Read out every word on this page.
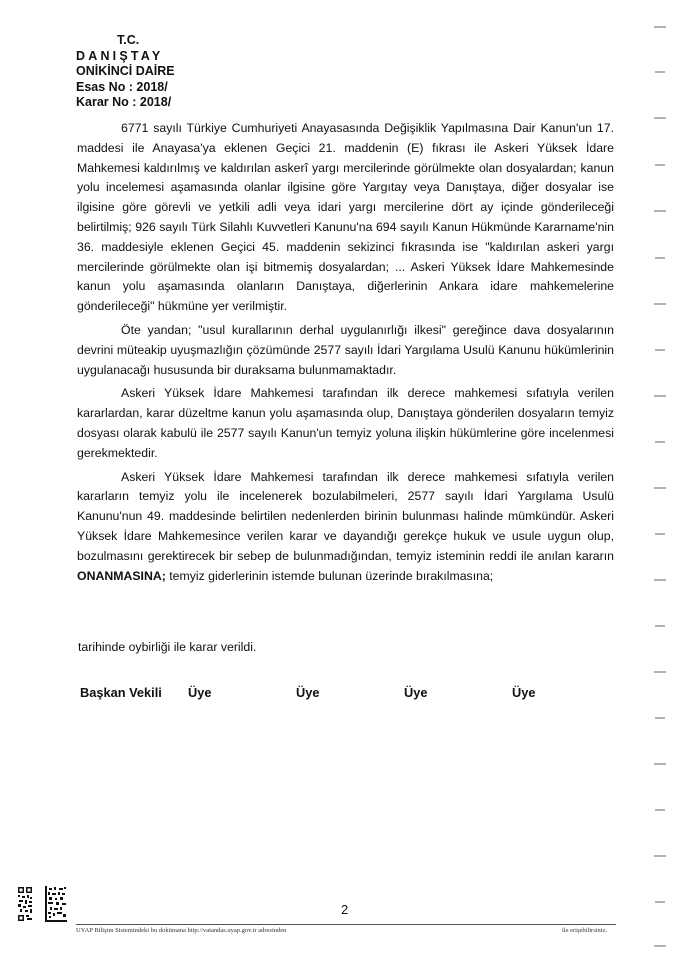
T.C.
DANIŞTAY
ONİKİNCİ DAİRE
Esas No : 2018/
Karar No : 2018/

6771 sayılı Türkiye Cumhuriyeti Anayasasında Değişiklik Yapılmasına Dair Kanun'un 17. maddesi ile Anayasa'ya eklenen Geçici 21. maddenin (E) fıkrası ile Askeri Yüksek İdare Mahkemesi kaldırılmış ve kaldırılan askerî yargı mercilerinde görülmekte olan dosyalardan; kanun yolu incelemesi aşamasında olanlar ilgisine göre Yargıtay veya Danıştaya, diğer dosyalar ise ilgisine göre görevli ve yetkili adli veya idari yargı mercilerine dört ay içinde gönderileceği belirtilmiş; 926 sayılı Türk Silahlı Kuvvetleri Kanunu'na 694 sayılı Kanun Hükmünde Kararname'nin 36. maddesiyle eklenen Geçici 45. maddenin sekizinci fıkrasında ise "kaldırılan askeri yargı mercilerinde görülmekte olan işi bitmemiş dosyalardan; ... Askeri Yüksek İdare Mahkemesinde kanun yolu aşamasında olanların Danıştaya, diğerlerinin Ankara idare mahkemelerine gönderileceği" hükmüne yer verilmiştir.

Öte yandan; "usul kurallarının derhal uygulanırlığı ilkesi" gereğince dava dosyalarının devrini müteakip uyuşmazlığın çözümünde 2577 sayılı İdari Yargılama Usulü Kanunu hükümlerinin uygulanacağı hususunda bir duraksama bulunmamaktadır.

Askeri Yüksek İdare Mahkemesi tarafından ilk derece mahkemesi sıfatıyla verilen kararlardan, karar düzeltme kanun yolu aşamasında olup, Danıştaya gönderilen dosyaların temyiz dosyası olarak kabulü ile 2577 sayılı Kanun'un temyiz yoluna ilişkin hükümlerine göre incelenmesi gerekmektedir.

Askeri Yüksek İdare Mahkemesi tarafından ilk derece mahkemesi sıfatıyla verilen kararların temyiz yolu ile incelenerek bozulabilmeleri, 2577 sayılı İdari Yargılama Usulü Kanunu'nun 49. maddesinde belirtilen nedenlerden birinin bulunması halinde mümkündür. Askeri Yüksek İdare Mahkemesince verilen karar ve dayandığı gerekçe hukuk ve usule uygun olup, bozulmasını gerektirecek bir sebep de bulunmadığından, temyiz isteminin reddi ile anılan kararın ONANMASINA; temyiz giderlerinin istemde bulunan üzerinde bırakılmasına;

tarihinde oybirliği ile karar verildi.
Başkan Vekili Üye	Üye	Üye	Üye
2
UYAP Bilişim Sistemindeki bu dokümana http://vatandas.uyap.gov.tr adresinden	ile erişebilirsiniz.
